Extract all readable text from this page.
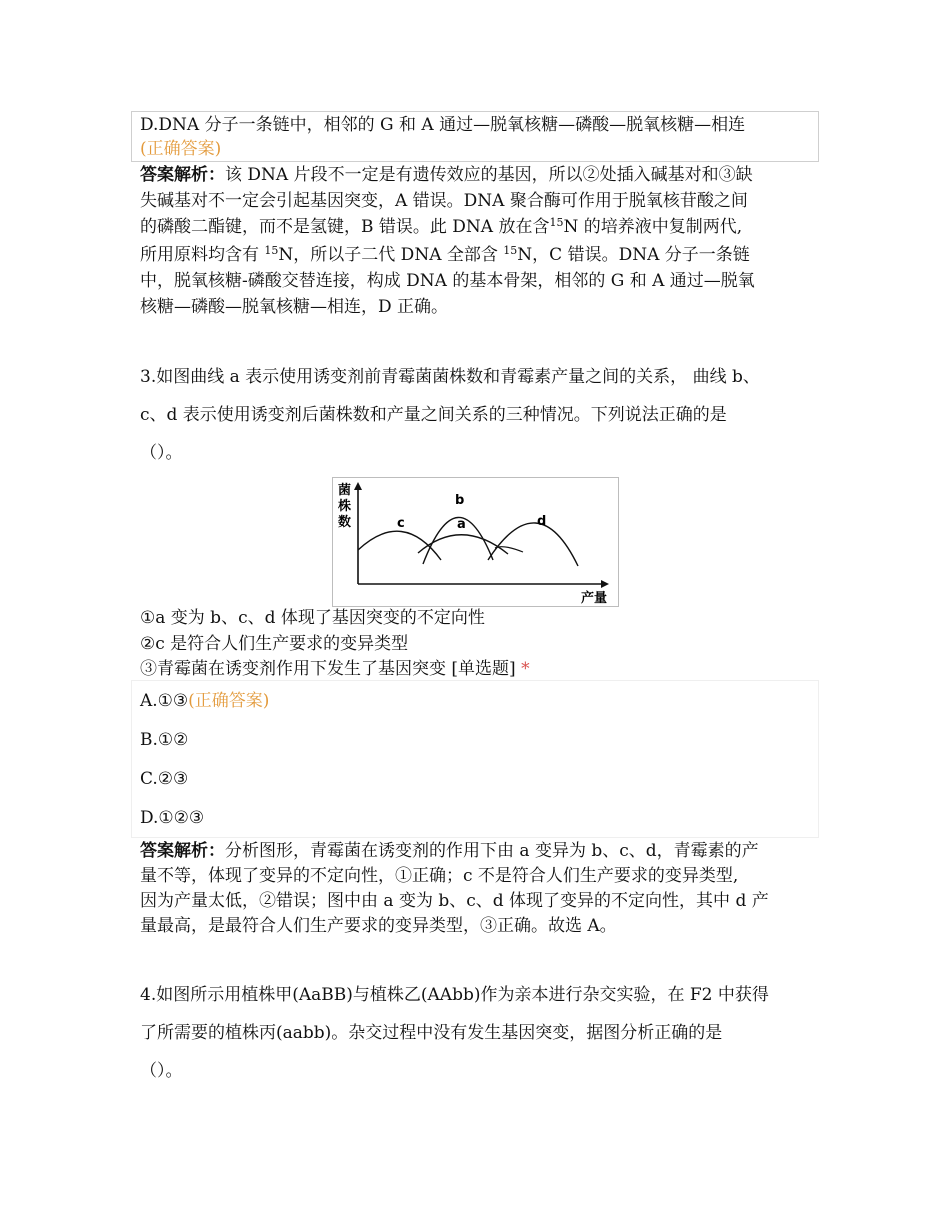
D.DNA 分子一条链中，相邻的 G 和 A 通过—脱氧核糖—磷酸—脱氧核糖—相连
(正确答案)
答案解析：该 DNA 片段不一定是有遗传效应的基因，所以②处插入碱基对和③缺
失碱基对不一定会引起基因突变，A 错误。DNA 聚合酶可作用于脱氧核苷酸之间
的磷酸二酯键，而不是氢键，B 错误。此 DNA 放在含$^{15}$N 的培养液中复制两代,
所用原料均含有 $^{15}$N，所以子二代 DNA 全部含 $^{15}$N，C 错误。DNA 分子一条链
中，脱氧核糖-磷酸交替连接，构成 DNA 的基本骨架，相邻的 G 和 A 通过—脱氧
核糖—磷酸—脱氧核糖—相连，D 正确。
3.如图曲线 a 表示使用诱变剂前青霉菌菌株数和青霉素产量之间的关系， 曲线 b、
c、d 表示使用诱变剂后菌株数和产量之间关系的三种情况。下列说法正确的是
（）。
菌
株
数
产量
b
c	a	d
①a 变为 b、c、d 体现了基因突变的不定向性
②c 是符合人们生产要求的变异类型
③青霉菌在诱变剂作用下发生了基因突变 [单选题] *
A.①③(正确答案)
B.①②
C.②③
D.①②③
答案解析：分析图形，青霉菌在诱变剂的作用下由 a 变异为 b、c、d，青霉素的产
量不等，体现了变异的不定向性，①正确；c 不是符合人们生产要求的变异类型,
因为产量太低，②错误；图中由 a 变为 b、c、d 体现了变异的不定向性，其中 d 产
量最高，是最符合人们生产要求的变异类型，③正确。故选 A。
4.如图所示用植株甲(AaBB)与植株乙(AAbb)作为亲本进行杂交实验，在 F2 中获得
了所需要的植株丙(aabb)。杂交过程中没有发生基因突变，据图分析正确的是
（）。
